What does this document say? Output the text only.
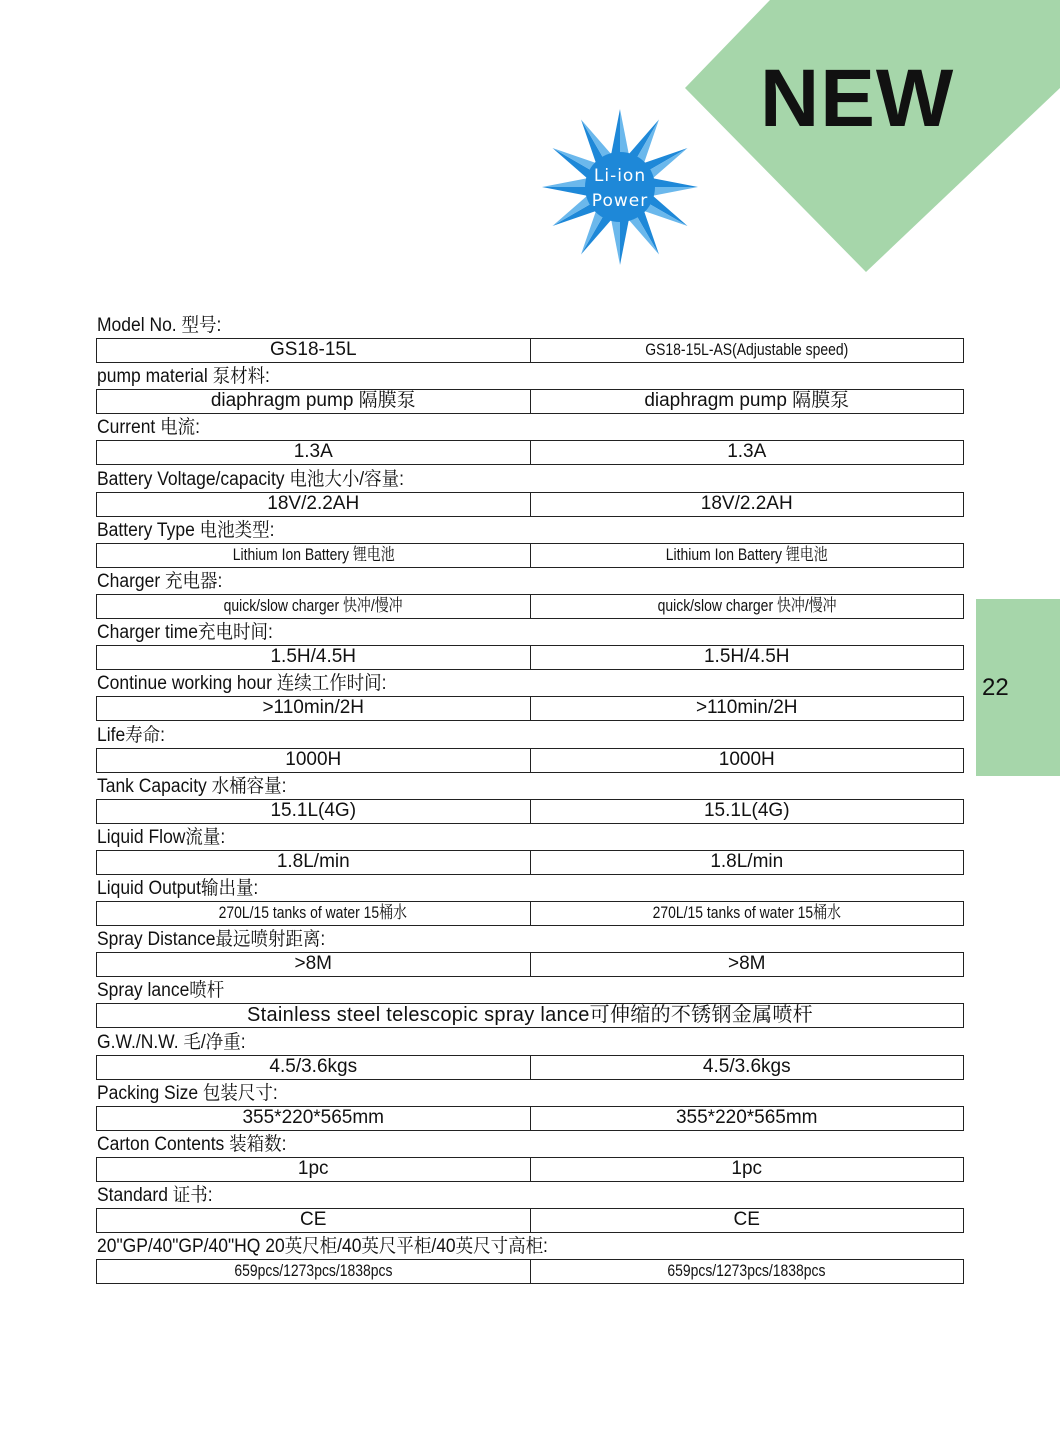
NEW
Li-ion
Power
22
Model No. 型号:
GS18-15L	GS18-15L-AS(Adjustable speed)
pump material 泵材料:
diaphragm pump 隔膜泵	diaphragm pump 隔膜泵
Current 电流:
1.3A	1.3A
Battery Voltage/capacity 电池大小/容量:
18V/2.2AH	18V/2.2AH
Battery Type 电池类型:
Lithium Ion Battery 锂电池	Lithium Ion Battery 锂电池
Charger 充电器:
quick/slow charger 快冲/慢冲	quick/slow charger 快冲/慢冲
Charger time充电时间:
1.5H/4.5H	1.5H/4.5H
Continue working hour 连续工作时间:
>110min/2H	>110min/2H
Life寿命:
1000H	1000H
Tank Capacity 水桶容量:
15.1L(4G)	15.1L(4G)
Liquid Flow流量:
1.8L/min	1.8L/min
Liquid Output输出量:
270L/15 tanks of water 15桶水	270L/15 tanks of water 15桶水
Spray Distance最远喷射距离:
>8M	>8M
Spray lance喷杆
Stainless steel telescopic spray lance可伸缩的不锈钢金属喷杆
G.W./N.W. 毛/净重:
4.5/3.6kgs	4.5/3.6kgs
Packing Size 包装尺寸:
355*220*565mm	355*220*565mm
Carton Contents 装箱数:
1pc	1pc
Standard 证书:
CE	CE
20"GP/40"GP/40"HQ 20英尺柜/40英尺平柜/40英尺寸高柜:
659pcs/1273pcs/1838pcs	659pcs/1273pcs/1838pcs
